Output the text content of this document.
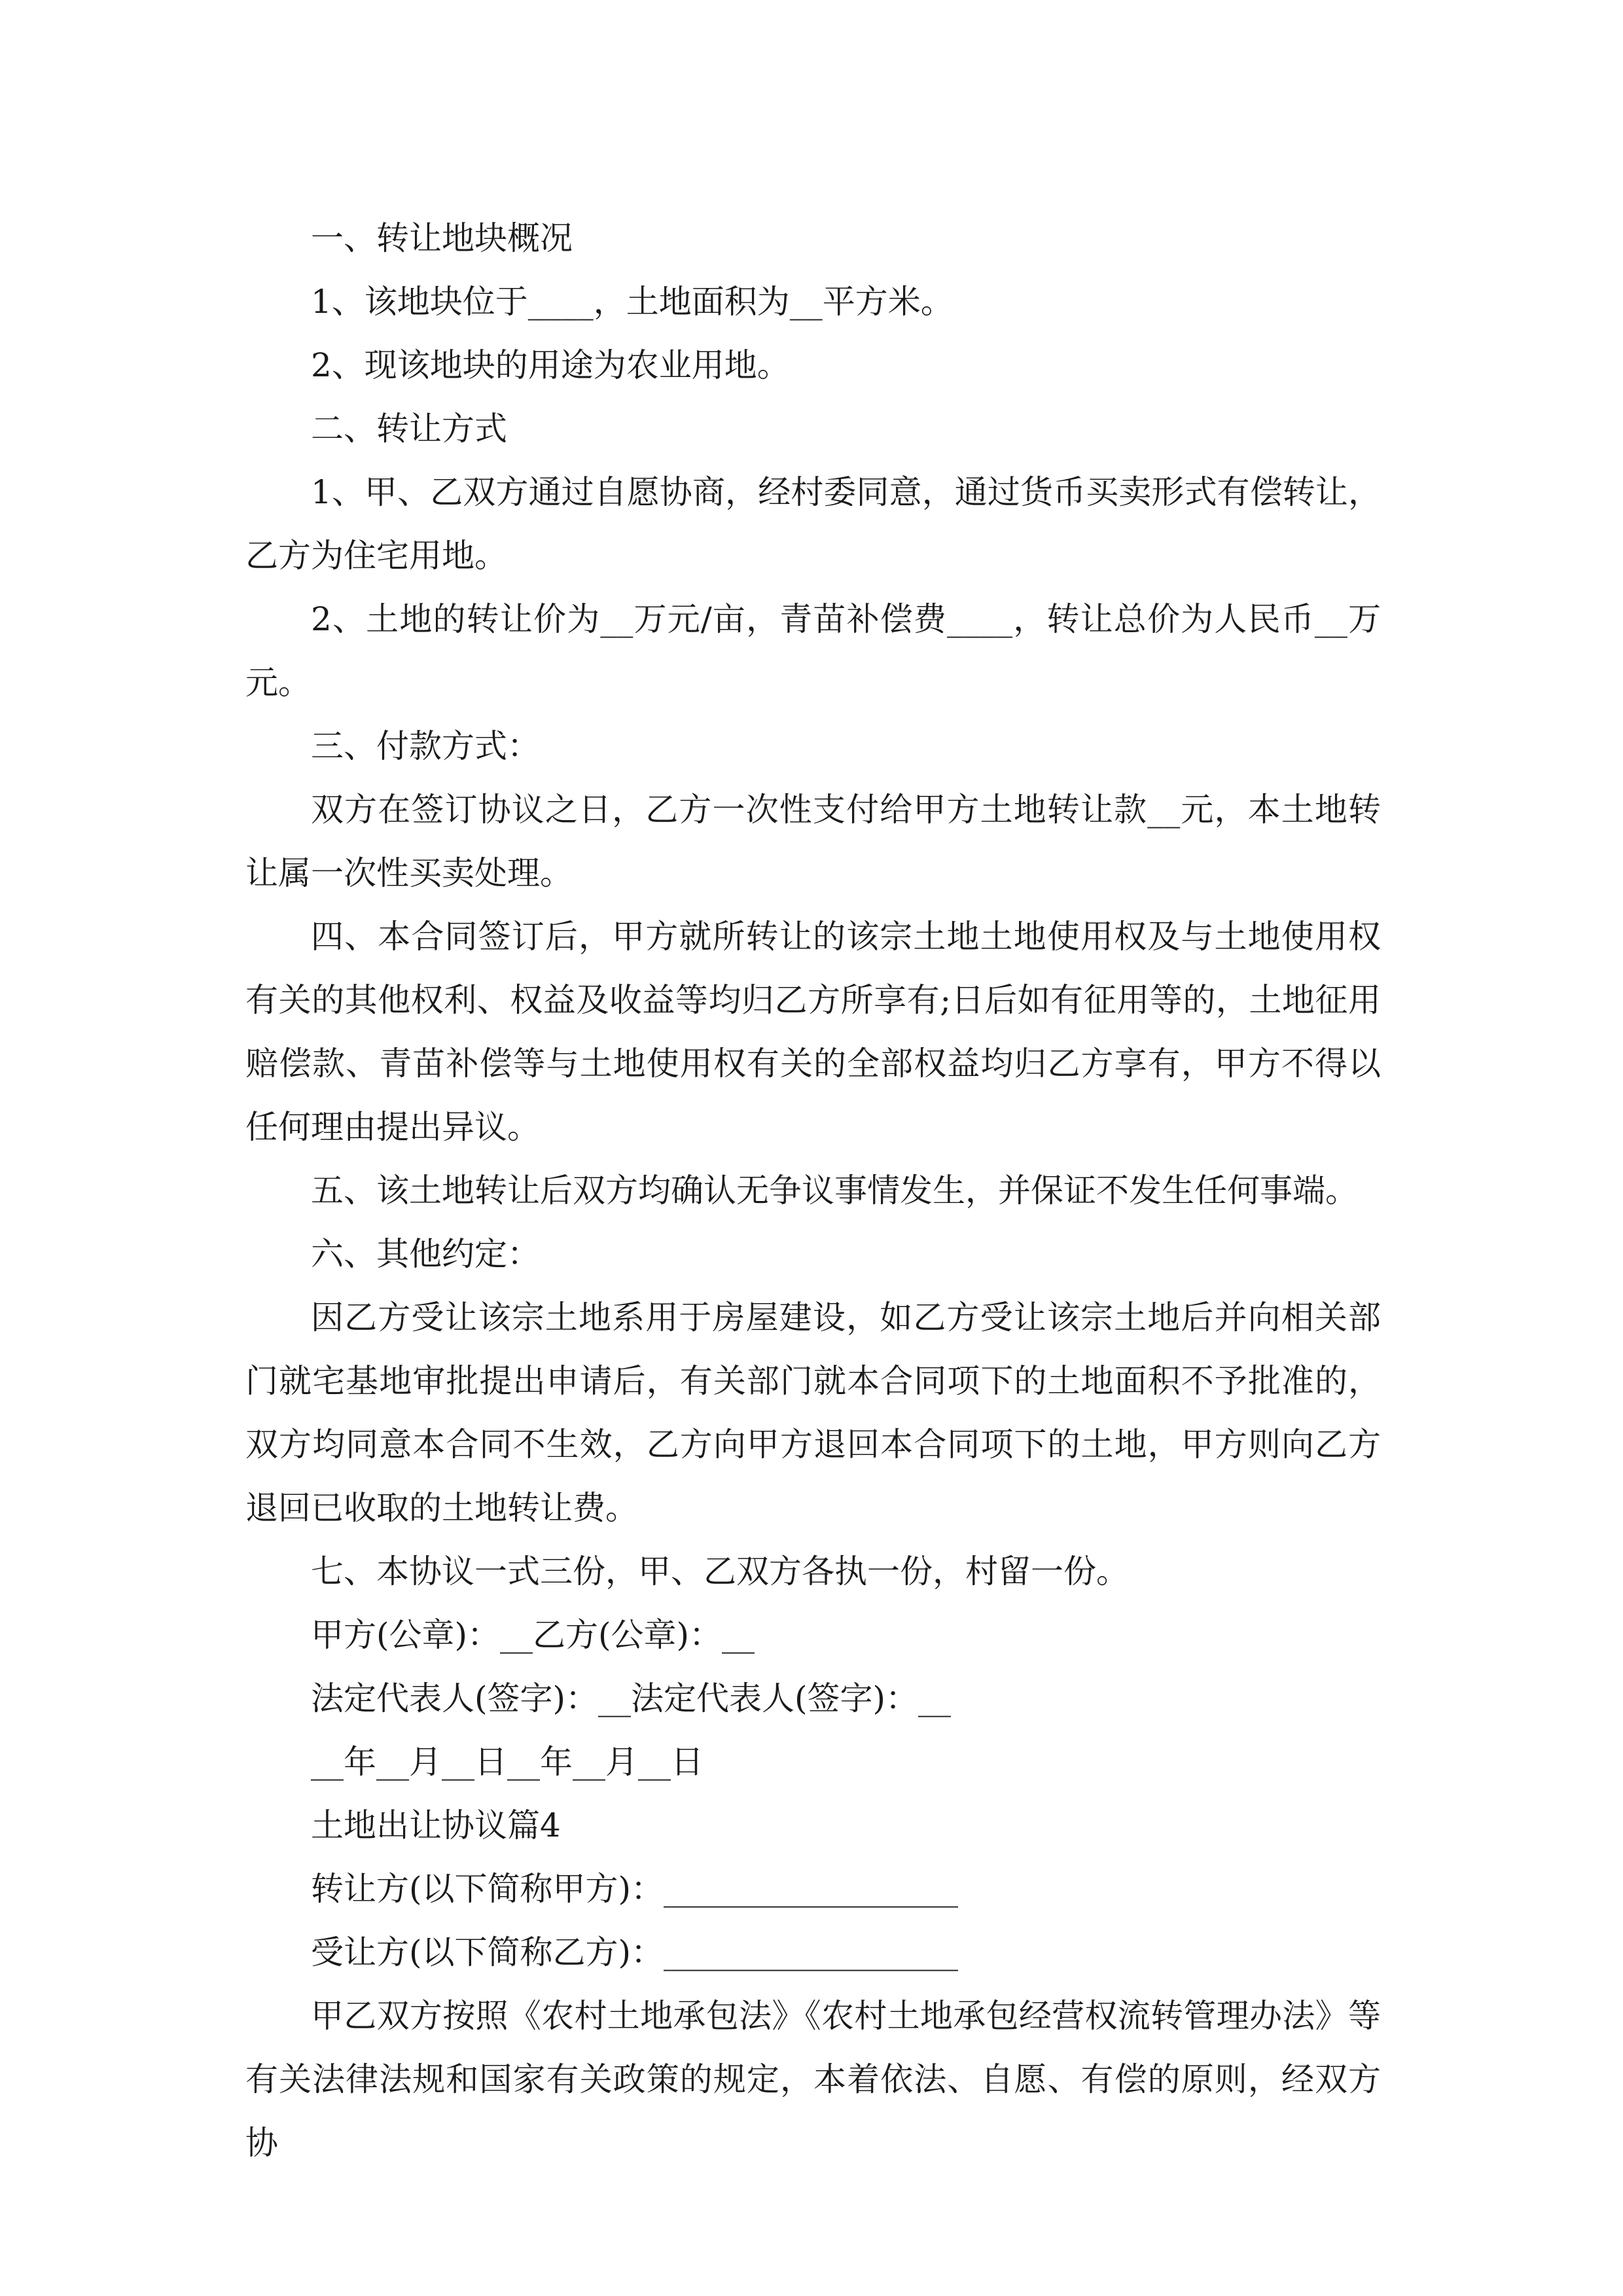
一、转让地块概况

1、该地块位于____，土地面积为__平方米。

2、现该地块的用途为农业用地。

二、转让方式

1、甲、乙双方通过自愿协商，经村委同意，通过货币买卖形式有偿转让，乙方为住宅用地。

2、土地的转让价为__万元/亩，青苗补偿费____，转让总价为人民币__万元。

三、付款方式：

双方在签订协议之日，乙方一次性支付给甲方土地转让款__元，本土地转让属一次性买卖处理。

四、本合同签订后，甲方就所转让的该宗土地土地使用权及与土地使用权有关的其他权利、权益及收益等均归乙方所享有;日后如有征用等的，土地征用赔偿款、青苗补偿等与土地使用权有关的全部权益均归乙方享有，甲方不得以任何理由提出异议。

五、该土地转让后双方均确认无争议事情发生，并保证不发生任何事端。

六、其他约定：

因乙方受让该宗土地系用于房屋建设，如乙方受让该宗土地后并向相关部门就宅基地审批提出申请后，有关部门就本合同项下的土地面积不予批准的，双方均同意本合同不生效，乙方向甲方退回本合同项下的土地，甲方则向乙方退回已收取的土地转让费。

七、本协议一式三份，甲、乙双方各执一份，村留一份。

甲方(公章)：__乙方(公章)：__

法定代表人(签字)：__法定代表人(签字)：__

__年__月__日__年__月__日

土地出让协议篇4

转让方(以下简称甲方)：__________________

受让方(以下简称乙方)：__________________

甲乙双方按照《农村土地承包法》《农村土地承包经营权流转管理办法》等有关法律法规和国家有关政策的规定，本着依法、自愿、有偿的原则，经双方协
